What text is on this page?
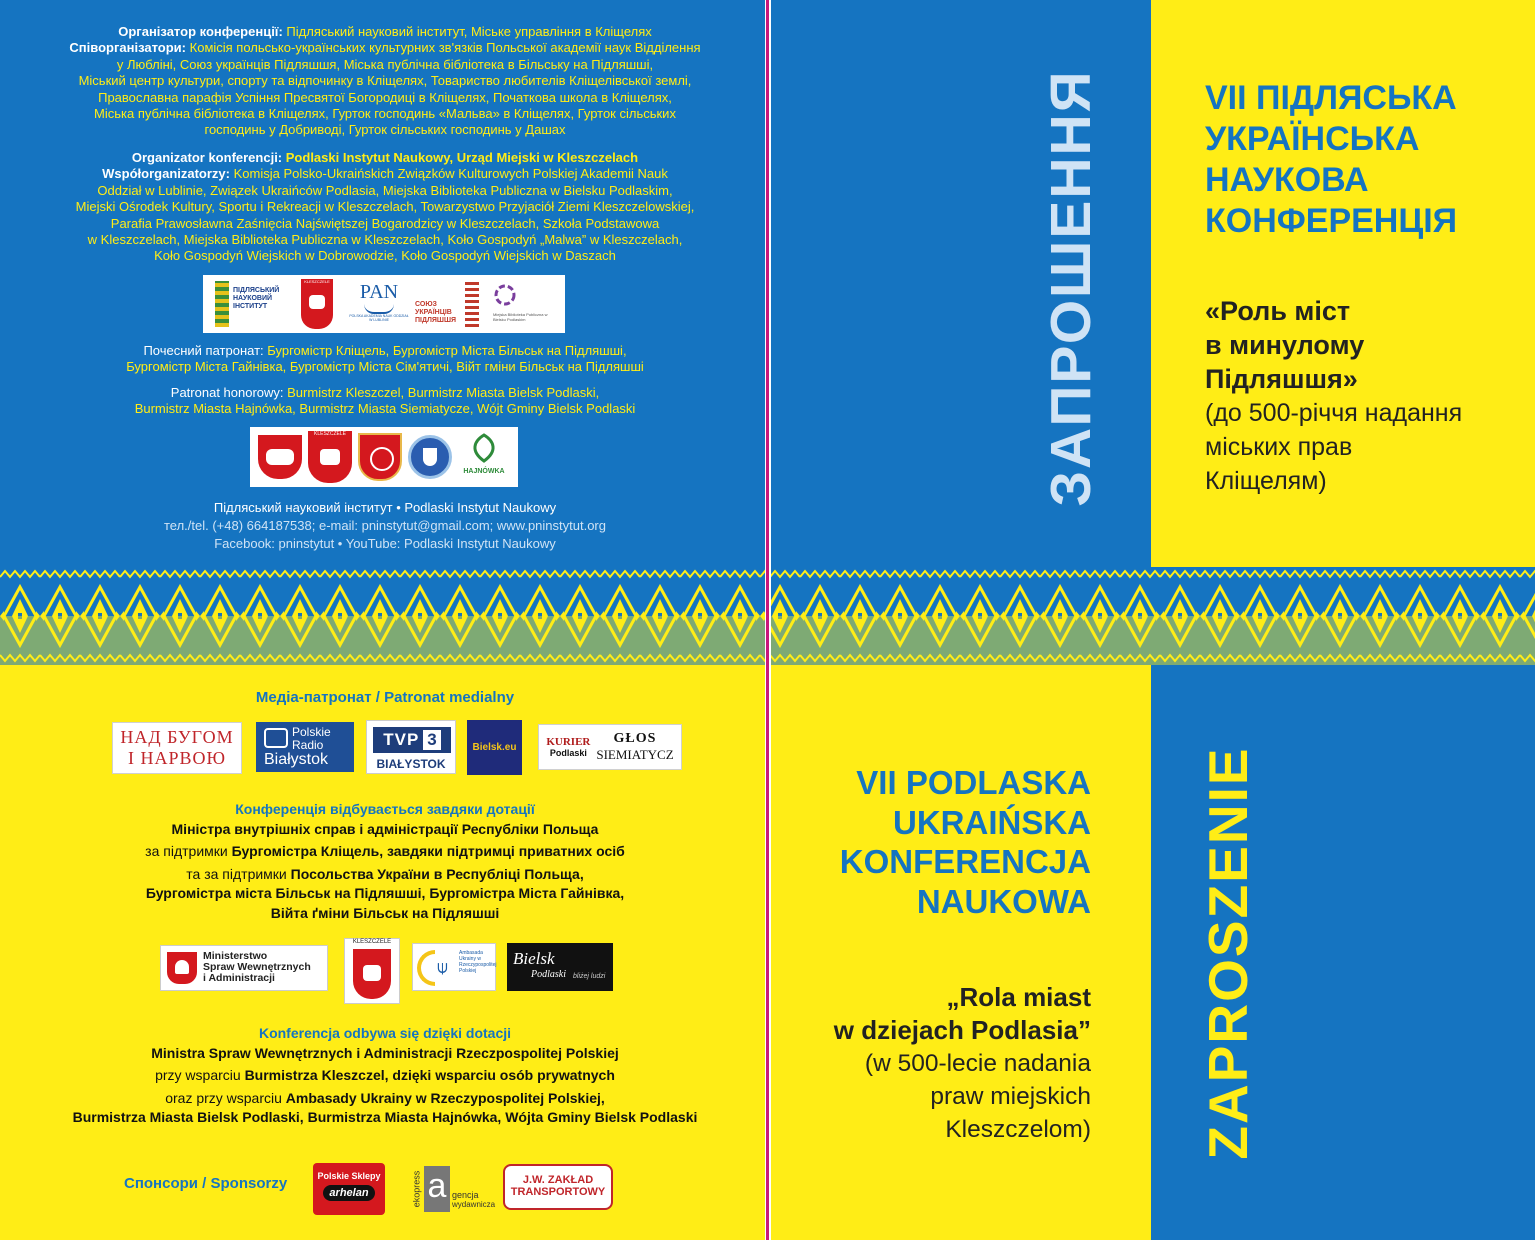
Організатор конференції: Підляський науковий інститут, Міське управління в Кліщелях

Співорганізатори: Комісія польсько-українських культурних зв'язків Польської академії наук Відділення

у Любліні, Союз українців Підляшшя, Міська публічна бібліотека в Більську на Підляшші,

Міський центр культури, спорту та відпочинку в Кліщелях, Товариство любителів Кліщелівської землі,

Православна парафія Успіння Пресвятої Богородиці в Кліщелях, Початкова школа в Кліщелях,

Міська публічна бібліотека в Кліщелях, Гурток господинь «Мальва» в Кліщелях, Гурток сільських

господинь у Добриводі, Гурток сільських господинь у Дашах

Organizator konferencji: Podlaski Instytut Naukowy, Urząd Miejski w Kleszczelach

Współorganizatorzy: Komisja Polsko-Ukraińskich Związków Kulturowych Polskiej Akademii Nauk

Oddział w Lublinie, Związek Ukraińców Podlasia, Miejska Biblioteka Publiczna w Bielsku Podlaskim,

Miejski Ośrodek Kultury, Sportu i Rekreacji w Kleszczelach, Towarzystwo Przyjaciół Ziemi Kleszczelowskiej,

Parafia Prawosławna Zaśnięcia Najświętszej Bogarodzicy w Kleszczelach, Szkoła Podstawowa

w Kleszczelach, Miejska Biblioteka Publiczna w Kleszczelach, Koło Gospodyń „Malwa” w Kleszczelach,

Koło Gospodyń Wiejskich w Dobrowodzie, Koło Gospodyń Wiejskich w Daszach

ПІДЛЯСЬКИЙ НАУКОВИЙ ІНСТИТУТ
KLESZCZELE	PAN
POLSKA AKADEMIA NAUK ODDZIAŁ W LUBLINIE
СОЮЗ УКРАЇНЦІВ ПІДЛЯШШЯ
Miejska Biblioteka Publiczna w Bielsku Podlaskim

Почесний патронат: Бургомістр Кліщель, Бургомістр Міста Більськ на Підляшші,

Бургомістр Міста Гайнівка, Бургомістр Міста Сім'ятичі, Війт гміни Більськ на Підляшші

Patronat honorowy: Burmistrz Kleszczel, Burmistrz Miasta Bielsk Podlaski,

Burmistrz Miasta Hajnówka, Burmistrz Miasta Siemiatycze, Wójt Gminy Bielsk Podlaski

KLESZCZELE
HAJNÓWKA

Підляський науковий інститут • Podlaski Instytut Naukowy

тел./tel. (+48) 664187538; e-mail: pninstytut@gmail.com; www.pninstytut.org

Facebook: pninstytut • YouTube: Podlaski Instytut Naukowy

Медіа-патронат / Patronat medialny
НАД БУГОМ
І НАРВОЮ
Polskie
Radio
Białystok
TVP 3
BIAŁYSTOK
Bielsk.eu	KURIER
Podlaski
GŁOS
SIEMIATYCZ

Конференція відбувається завдяки дотації

Міністра внутрішніх справ і адміністрації Республіки Польща

за підтримки Бургомістра Кліщель, завдяки підтримці приватних осіб

та за підтримки Посольства України в Республіці Польща,

Бургомістра міста Більськ на Підляшші, Бургомістра Міста Гайнівка,

Війта ґміни Більськ на Підляшші

Ministerstwo
Spraw Wewnętrznych
i Administracji
KLESZCZELE
⍦
Ambasada Ukrainy w Rzeczypospolitej Polskiej
Bielsk
Podlaski bliżej ludzi

Konferencja odbywa się dzięki dotacji

Ministra Spraw Wewnętrznych i Administracji Rzeczpospolitej Polskiej

przy wsparciu Burmistrza Kleszczel, dzięki wsparciu osób prywatnych

oraz przy wsparciu Ambasady Ukrainy w Rzeczypospolitej Polskiej,

Burmistrza Miasta Bielsk Podlaski, Burmistrza Miasta Hajnówka, Wójta Gminy Bielsk Podlaski

Спонсори / Sponsorzy	Polskie Sklepy
arhelan	ekopress a gencja
wydawnicza
J.W. ZAKŁAD
TRANSPORTOWY
ЗАПРОШЕННЯ	VII ПІДЛЯСЬКА
УКРАЇНСЬКА
НАУКОВА
КОНФЕРЕНЦІЯ
«Роль міст
в минулому
Підляшшя»
(до 500-річчя надання
міських прав
Кліщелям)
VII PODLASKA
UKRAIŃSKA
KONFERENCJA
NAUKOWA
„Rola miast
w dziejach Podlasia”
(w 500-lecie nadania
praw miejskich
Kleszczelom) ZAPROSZENIE
